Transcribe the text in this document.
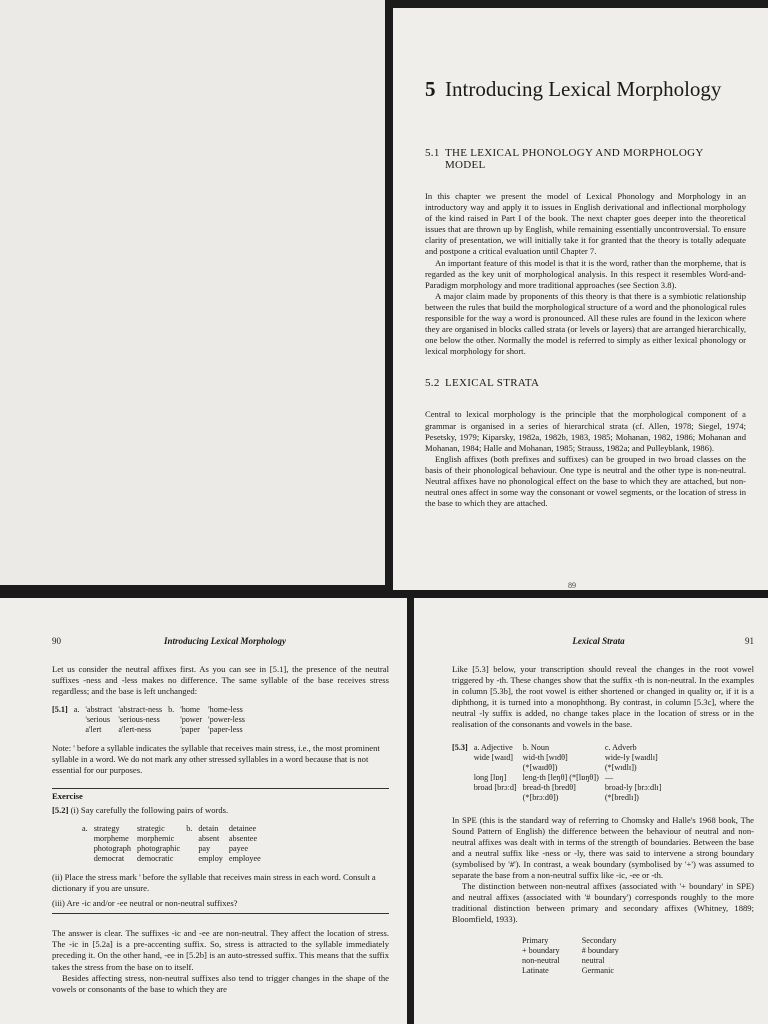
5 Introducing Lexical Morphology
5.1 THE LEXICAL PHONOLOGY AND MORPHOLOGY MODEL

In this chapter we present the model of Lexical Phonology and Morphology in an introductory way and apply it to issues in English derivational and inflectional morphology of the kind raised in Part I of the book. The next chapter goes deeper into the theoretical issues that are thrown up by English, while remaining essentially uncontroversial. To ensure clarity of presentation, we will initially take it for granted that the theory is totally adequate and postpone a critical evaluation until Chapter 7.

An important feature of this model is that it is the word, rather than the morpheme, that is regarded as the key unit of morphological analysis. In this respect it resembles Word-and-Paradigm morphology and more traditional approaches (see Section 3.8).

A major claim made by proponents of this theory is that there is a symbiotic relationship between the rules that build the morphological structure of a word and the phonological rules responsible for the way a word is pronounced. All these rules are found in the lexicon where they are organised in blocks called strata (or levels or layers) that are arranged hierarchically, one below the other. Normally the model is referred to simply as either lexical phonology or lexical morphology for short.

5.2 LEXICAL STRATA

Central to lexical morphology is the principle that the morphological component of a grammar is organised in a series of hierarchical strata (cf. Allen, 1978; Siegel, 1974; Pesetsky, 1979; Kiparsky, 1982a, 1982b, 1983, 1985; Mohanan, 1982, 1986; Mohanan and Mohanan, 1984; Halle and Mohanan, 1985; Strauss, 1982a; and Pulleyblank, 1986).

English affixes (both prefixes and suffixes) can be grouped in two broad classes on the basis of their phonological behaviour. One type is neutral and the other type is non-neutral. Neutral affixes have no phonological effect on the base to which they are attached, but non-neutral ones affect in some way the consonant or vowel segments, or the location of stress in the base to which they are attached.

89
90	Introducing Lexical Morphology

Let us consider the neutral affixes first. As you can see in [5.1], the presence of the neutral suffixes -ness and -less makes no difference. The same syllable of the base receives stress regardless; and the base is left unchanged:

[5.1]	a.	'abstract	'abstract-ness	b.	'home	'home-less
		'serious	'serious-ness		'power	'power-less
		a'lert	a'lert-ness		'paper	'paper-less
Note: ' before a syllable indicates the syllable that receives main stress, i.e., the most prominent syllable in a word. We do not mark any other stressed syllables in a word because that is not essential for our purposes.
Exercise
[5.2] (i) Say carefully the following pairs of words.
a.	strategy	strategic	b.	detain	detainee
	morpheme	morphemic		absent	absentee
	photograph	photographic		pay	payee
	democrat	democratic		employ	employee
(ii) Place the stress mark ' before the syllable that receives main stress in each word. Consult a dictionary if you are unsure.
(iii) Are -ic and/or -ee neutral or non-neutral suffixes?

The answer is clear. The suffixes -ic and -ee are non-neutral. They affect the location of stress. The -ic in [5.2a] is a pre-accenting suffix. So, stress is attracted to the syllable immediately preceding it. On the other hand, -ee in [5.2b] is an auto-stressed suffix. This means that the suffix takes the stress from the base on to itself.

Besides affecting stress, non-neutral suffixes also tend to trigger changes in the shape of the vowels or consonants of the base to which they are

Lexical Strata	91

Like [5.3] below, your transcription should reveal the changes in the root vowel triggered by -th. These changes show that the suffix -th is non-neutral. In the examples in column [5.3b], the root vowel is either shortened or changed in quality or, if it is a diphthong, it is turned into a monophthong. By contrast, in column [5.3c], where the neutral -ly suffix is added, no change takes place in the location of stress or in the realisation of the consonants and vowels in the base.

[5.3]	a. Adjective	b. Noun	c. Adverb
	wide [waɪd]	wid-th [wɪdθ]	wide-ly [waɪdlɪ]
		(*[waɪdθ])	(*[wɪdlɪ])
	long [lɒŋ]	leng-th [leŋθ] (*[lɒŋθ])	—
	broad [brɔːd]	bread-th [bredθ]	broad-ly [brɔːdlɪ]
		(*[brɔːdθ])	(*[bredlɪ])

In SPE (this is the standard way of referring to Chomsky and Halle's 1968 book, The Sound Pattern of English) the difference between the behaviour of neutral and non-neutral affixes was dealt with in terms of the strength of boundaries. Between the base and a neutral suffix like -ness or -ly, there was said to intervene a strong boundary (symbolised by '#'). In contrast, a weak boundary (symbolised by '+') was assumed to separate the base from a non-neutral suffix like -ic, -ee or -th.

The distinction between non-neutral affixes (associated with '+ boundary' in SPE) and neutral affixes (associated with '# boundary') corresponds roughly to the more traditional distinction between primary and secondary affixes (Whitney, 1889; Bloomfield, 1933).

Primary	Secondary
+ boundary	# boundary
non-neutral	neutral
Latinate	Germanic
